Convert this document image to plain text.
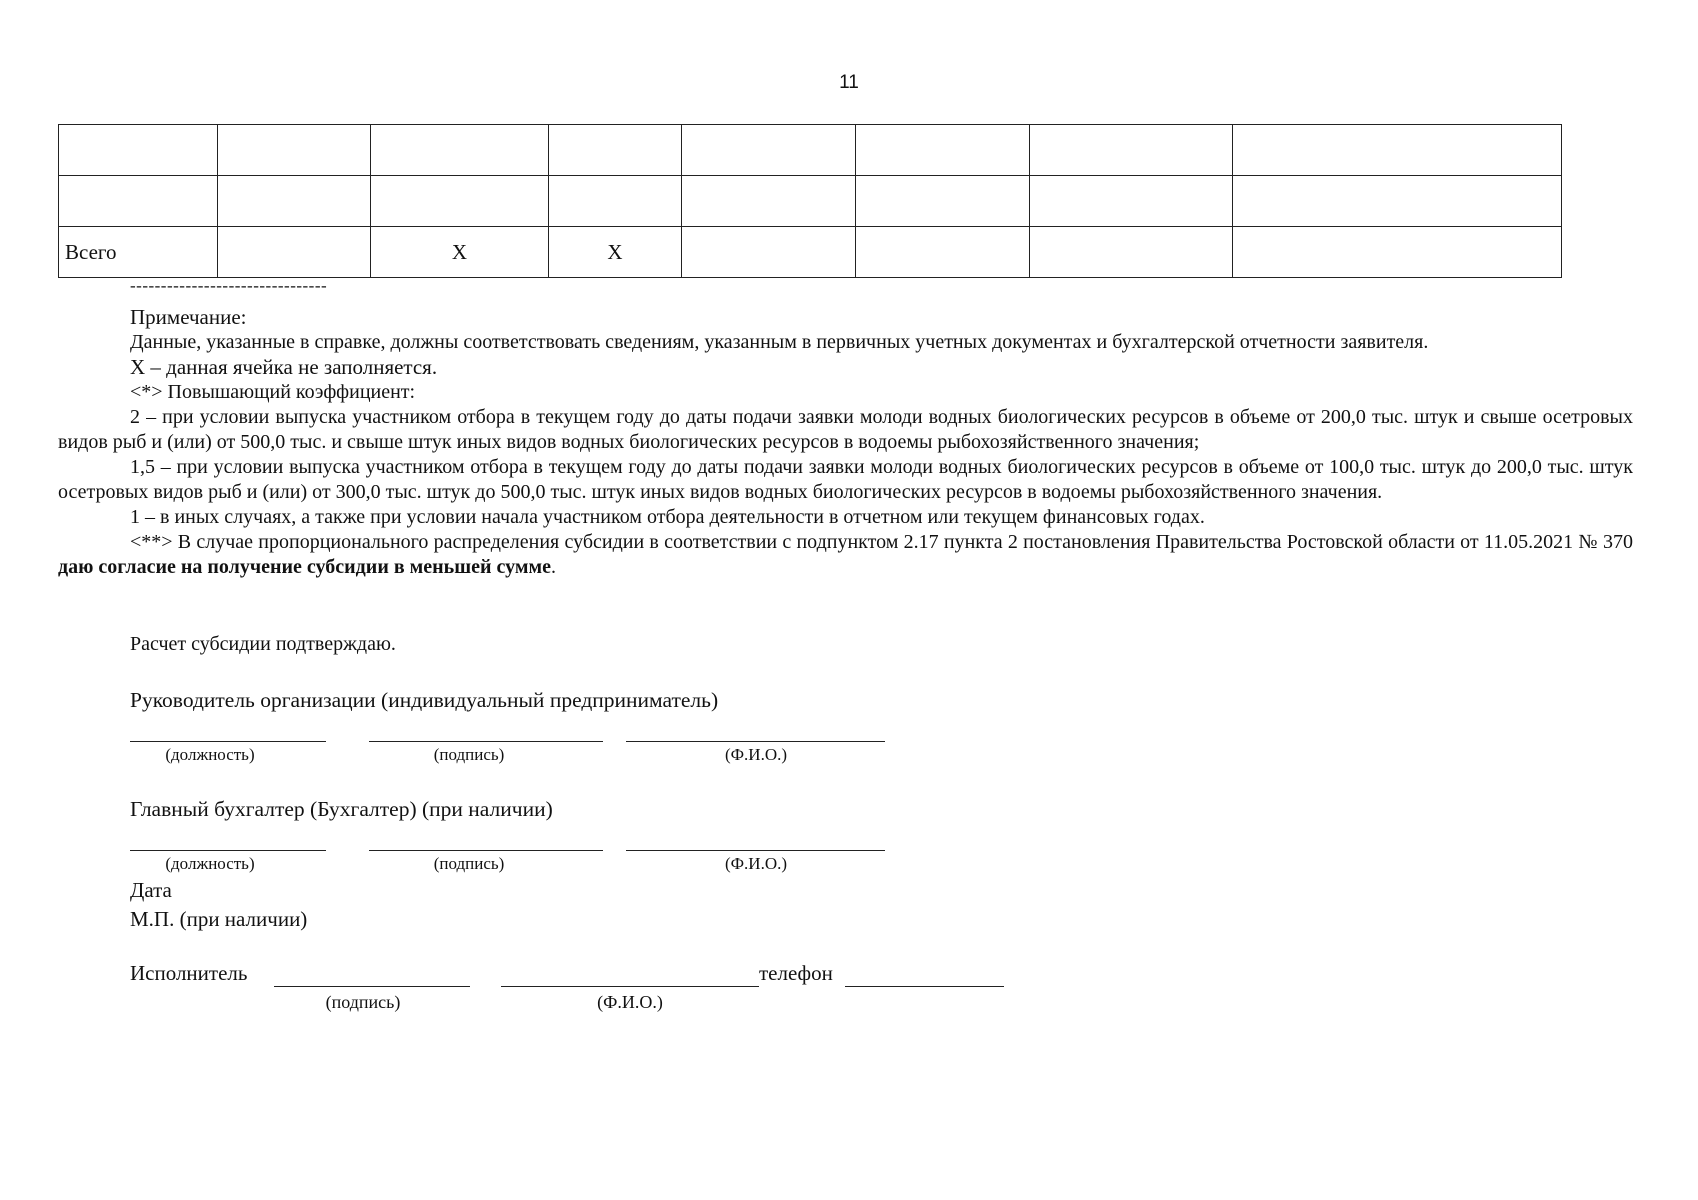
11

Всего		Х	Х				
--------------------------------

Примечание:

Данные, указанные в справке, должны соответствовать сведениям, указанным в первичных учетных документах и бухгалтерской отчетности заявителя.

Х – данная ячейка не заполняется.

<*> Повышающий коэффициент:

2 – при условии выпуска участником отбора в текущем году до даты подачи заявки молоди водных биологических ресурсов в объеме от 200,0 тыс. штук и свыше осетровых видов рыб и (или) от 500,0 тыс. и свыше штук иных видов водных биологических ресурсов в водоемы рыбохозяйственного значения;

1,5 – при условии выпуска участником отбора в текущем году до даты подачи заявки молоди водных биологических ресурсов в объеме от 100,0 тыс. штук до 200,0 тыс. штук осетровых видов рыб и (или) от 300,0 тыс. штук до 500,0 тыс. штук иных видов водных биологических ресурсов в водоемы рыбохозяйственного значения.

1 – в иных случаях, а также при условии начала участником отбора деятельности в отчетном или текущем финансовых годах.

<**> В случае пропорционального распределения субсидии в соответствии с подпунктом 2.17 пункта 2 постановления Правительства Ростовской области от 11.05.2021 № 370 даю согласие на получение субсидии в меньшей сумме.

Расчет субсидии подтверждаю.
Руководитель организации (индивидуальный предприниматель)
(должность)	(подпись)	(Ф.И.О.)
Главный бухгалтер (Бухгалтер) (при наличии)
(должность)	(подпись)	(Ф.И.О.)
Дата
М.П. (при наличии)
Исполнитель	телефон
(подпись)	(Ф.И.О.)
